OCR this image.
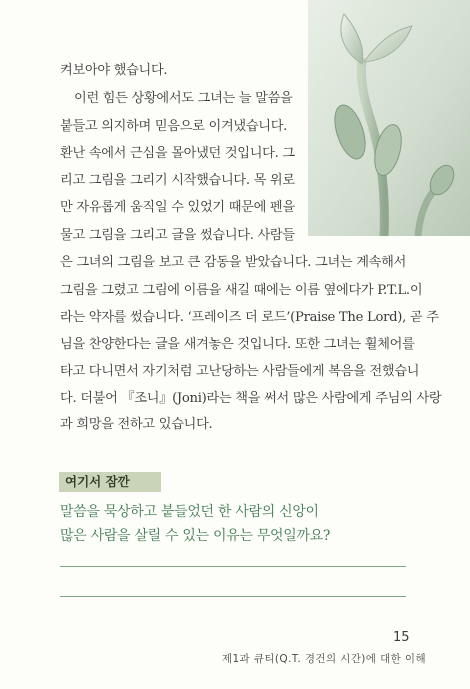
켜보아야 했습니다.

이런 힘든 상황에서도 그녀는 늘 말씀을

붙들고 의지하며 믿음으로 이겨냈습니다.

환난 속에서 근심을 몰아냈던 것입니다. 그

리고 그림을 그리기 시작했습니다. 목 위로

만 자유롭게 움직일 수 있었기 때문에 펜을

물고 그림을 그리고 글을 썼습니다. 사람들

은 그녀의 그림을 보고 큰 감동을 받았습니다. 그녀는 계속해서

그림을 그렸고 그림에 이름을 새길 때에는 이름 옆에다가 P.T.L.이

라는 약자를 썼습니다. ‘프레이즈 더 로드’(Praise The Lord), 곧 주

님을 찬양한다는 글을 새겨놓은 것입니다. 또한 그녀는 휠체어를

타고 다니면서 자기처럼 고난당하는 사람들에게 복음을 전했습니

다. 더불어 『조니』(Joni)라는 책을 써서 많은 사람에게 주님의 사랑

과 희망을 전하고 있습니다.

여기서 잠깐

말씀을 묵상하고 붙들었던 한 사람의 신앙이

많은 사람을 살릴 수 있는 이유는 무엇일까요?

15
제1과 큐티(Q.T. 경건의 시간)에 대한 이해
